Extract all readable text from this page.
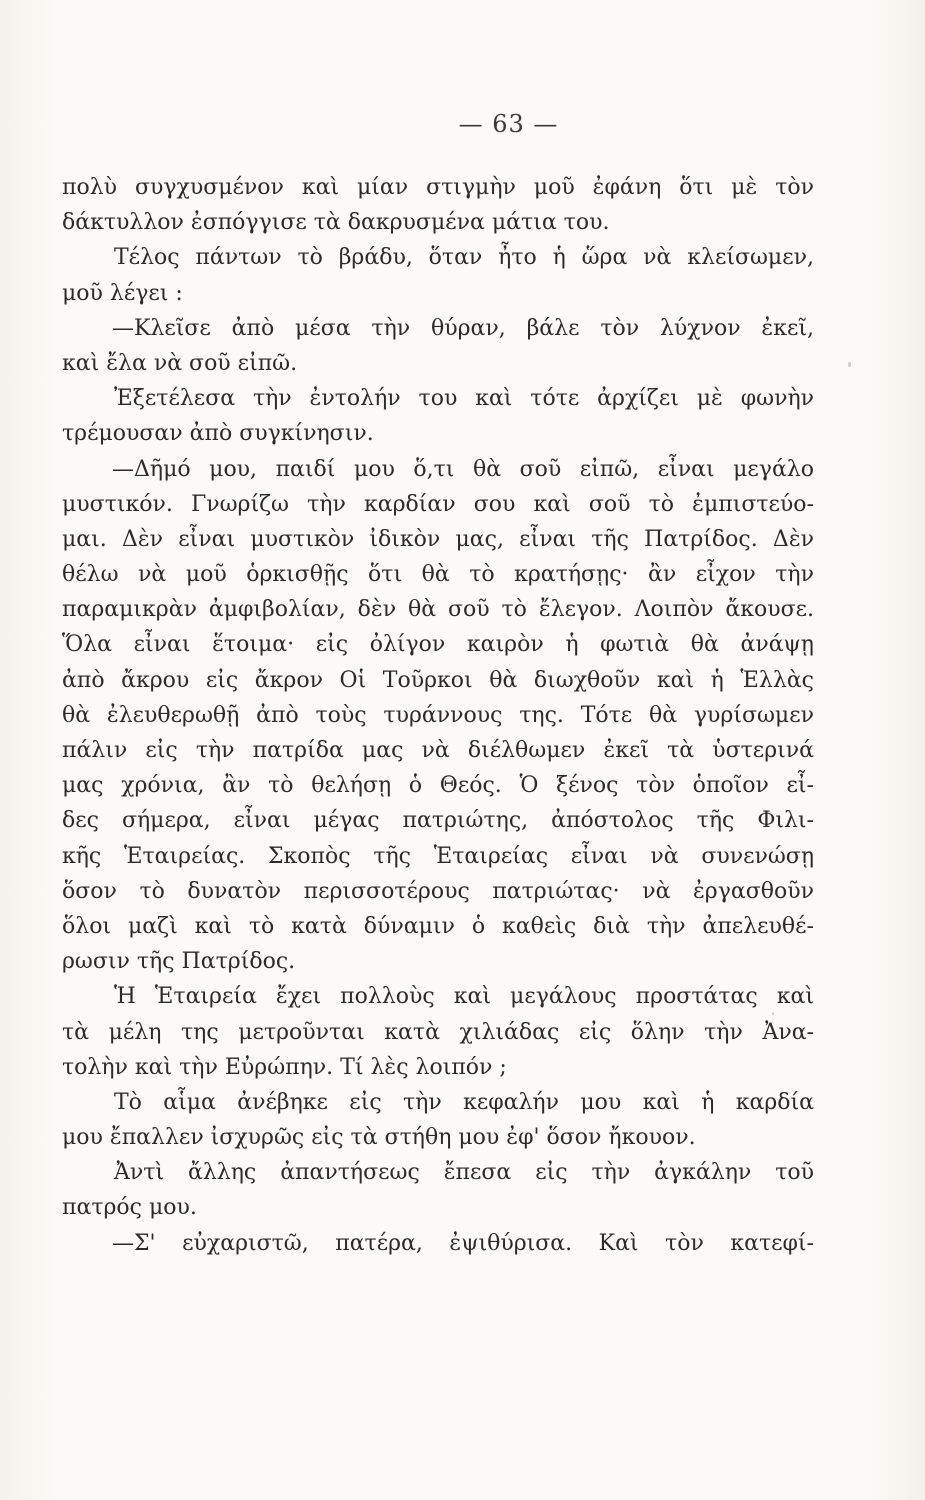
— 63 —
πολὺ συγχυσμένον καὶ μίαν στιγμὴν μοῦ ἐφάνη ὅτι μὲ τὸν
δάκτυλλον ἐσπόγγισε τὰ δακρυσμένα μάτια του.
Τέλος πάντων τὸ βράδυ, ὅταν ἦτο ἡ ὥρα νὰ κλείσωμεν,
μοῦ λέγει :
—Κλεῖσε ἀπὸ μέσα τὴν θύραν, βάλε τὸν λύχνον ἐκεῖ,
καὶ ἔλα νὰ σοῦ εἰπῶ.
Ἐξετέλεσα τὴν ἐντολήν του καὶ τότε ἀρχίζει μὲ φωνὴν
τρέμουσαν ἀπὸ συγκίνησιν.
—Δῆμό μου, παιδί μου ὅ,τι θὰ σοῦ εἰπῶ, εἶναι μεγάλο
μυστικόν. Γνωρίζω τὴν καρδίαν σου καὶ σοῦ τὸ ἐμπιστεύο-
μαι. Δὲν εἶναι μυστικὸν ἰδικὸν μας, εἶναι τῆς Πατρίδος. Δὲν
θέλω νὰ μοῦ ὁρκισθῇς ὅτι θὰ τὸ κρατήσῃς· ἂν εἶχον τὴν
παραμικρὰν ἀμφιβολίαν, δὲν θὰ σοῦ τὸ ἔλεγον. Λοιπὸν ἄκουσε.
Ὅλα εἶναι ἕτοιμα· εἰς ὀλίγον καιρὸν ἡ φωτιὰ θὰ ἀνάψῃ
ἀπὸ ἄκρου εἰς ἄκρον Οἱ Τοῦρκοι θὰ διωχθοῦν καὶ ἡ Ἑλλὰς
θὰ ἐλευθερωθῇ ἀπὸ τοὺς τυράννους της. Τότε θὰ γυρίσωμεν
πάλιν εἰς τὴν πατρίδα μας νὰ διέλθωμεν ἐκεῖ τὰ ὑστερινά
μας χρόνια, ἂν τὸ θελήσῃ ὁ Θεός. Ὁ ξένος τὸν ὁποῖον εἶ-
δες σήμερα, εἶναι μέγας πατριώτης, ἀπόστολος τῆς Φιλι-
κῆς Ἑταιρείας. Σκοπὸς τῆς Ἑταιρείας εἶναι νὰ συνενώσῃ
ὅσον τὸ δυνατὸν περισσοτέρους πατριώτας· νὰ ἐργασθοῦν
ὅλοι μαζὶ καὶ τὸ κατὰ δύναμιν ὁ καθεὶς διὰ τὴν ἀπελευθέ-
ρωσιν τῆς Πατρίδος.
Ἡ Ἑταιρεία ἔχει πολλοὺς καὶ μεγάλους προστάτας καὶ
τὰ μέλη της μετροῦνται κατὰ χιλιάδας εἰς ὅλην τὴν Ἀνα-
τολὴν καὶ τὴν Εὐρώπην. Τί λὲς λοιπόν ;
Τὸ αἷμα ἀνέβηκε εἰς τὴν κεφαλήν μου καὶ ἡ καρδία
μου ἔπαλλεν ἰσχυρῶς εἰς τὰ στήθη μου ἐφ' ὅσον ἤκουον.
Ἀντὶ ἄλλης ἀπαντήσεως ἔπεσα εἰς τὴν ἀγκάλην τοῦ
πατρός μου.
—Σ' εὐχαριστῶ, πατέρα, ἐψιθύρισα. Καὶ τὸν κατεφί-
